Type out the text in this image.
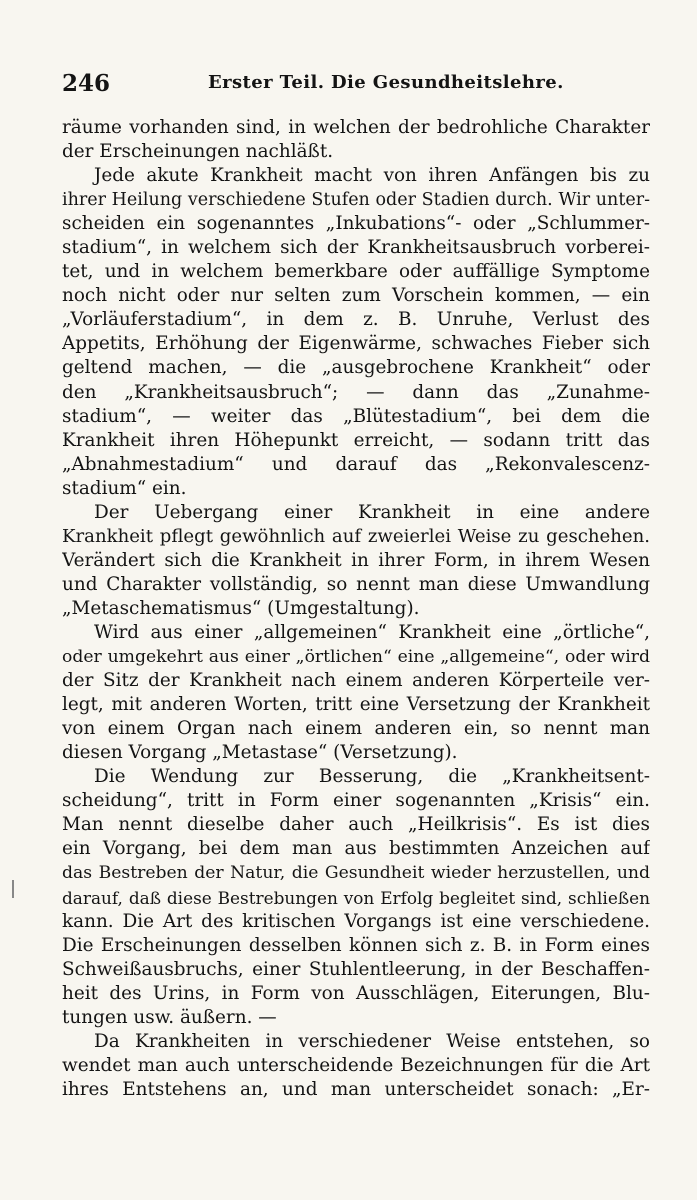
246	Erster Teil. Die Gesundheitslehre.
räume vorhanden sind, in welchen der bedrohliche Charakter
der Erscheinungen nachläßt.
Jede akute Krankheit macht von ihren Anfängen bis zu
ihrer Heilung verschiedene Stufen oder Stadien durch. Wir unter-
scheiden ein sogenanntes „Inkubations“- oder „Schlummer-
stadium“, in welchem sich der Krankheitsausbruch vorberei-
tet, und in welchem bemerkbare oder auffällige Symptome
noch nicht oder nur selten zum Vorschein kommen, — ein
„Vorläuferstadium“, in dem z. B. Unruhe, Verlust des
Appetits, Erhöhung der Eigenwärme, schwaches Fieber sich
geltend machen, — die „ausgebrochene Krankheit“ oder
den „Krankheitsausbruch“; — dann das „Zunahme-
stadium“, — weiter das „Blütestadium“, bei dem die
Krankheit ihren Höhepunkt erreicht, — sodann tritt das
„Abnahmestadium“ und darauf das „Rekonvalescenz-
stadium“ ein.
Der Uebergang einer Krankheit in eine andere
Krankheit pflegt gewöhnlich auf zweierlei Weise zu geschehen.
Verändert sich die Krankheit in ihrer Form, in ihrem Wesen
und Charakter vollständig, so nennt man diese Umwandlung
„Metaschematismus“ (Umgestaltung).
Wird aus einer „allgemeinen“ Krankheit eine „örtliche“,
oder umgekehrt aus einer „örtlichen“ eine „allgemeine“, oder wird
der Sitz der Krankheit nach einem anderen Körperteile ver-
legt, mit anderen Worten, tritt eine Versetzung der Krankheit
von einem Organ nach einem anderen ein, so nennt man
diesen Vorgang „Metastase“ (Versetzung).
Die Wendung zur Besserung, die „Krankheitsent-
scheidung“, tritt in Form einer sogenannten „Krisis“ ein.
Man nennt dieselbe daher auch „Heilkrisis“. Es ist dies
ein Vorgang, bei dem man aus bestimmten Anzeichen auf
das Bestreben der Natur, die Gesundheit wieder herzustellen, und
darauf, daß diese Bestrebungen von Erfolg begleitet sind, schließen
kann. Die Art des kritischen Vorgangs ist eine verschiedene.
Die Erscheinungen desselben können sich z. B. in Form eines
Schweißausbruchs, einer Stuhlentleerung, in der Beschaffen-
heit des Urins, in Form von Ausschlägen, Eiterungen, Blu-
tungen usw. äußern. —
Da Krankheiten in verschiedener Weise entstehen, so
wendet man auch unterscheidende Bezeichnungen für die Art
ihres Entstehens an, und man unterscheidet sonach: „Er-
